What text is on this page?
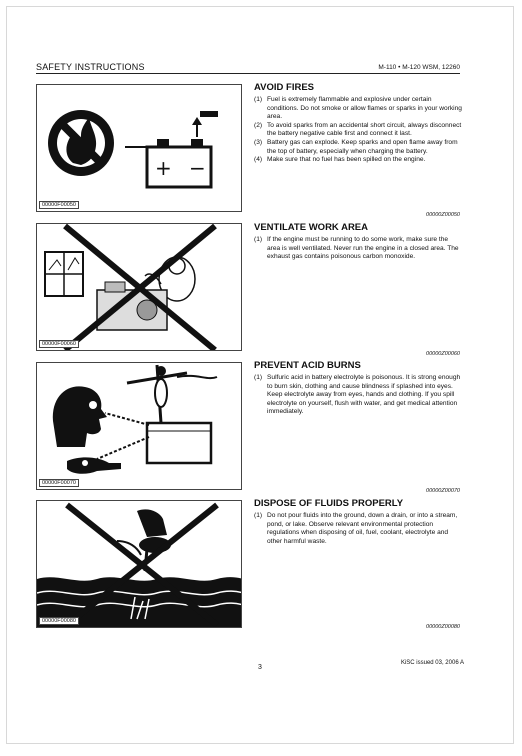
SAFETY INSTRUCTIONS	M-110 • M-120 WSM, 12260
+ −
00000F00050
00000F00060
00000F00070
00000F00080
AVOID FIRES

(1) Fuel is extremely flammable and explosive under certain conditions. Do not smoke or allow flames or sparks in your working area.

(2) To avoid sparks from an accidental short circuit, always disconnect the battery negative cable first and connect it last.

(3) Battery gas can explode. Keep sparks and open flame away from the top of battery, especially when charging the battery.

(4) Make sure that no fuel has been spilled on the engine.

00000Z00050
VENTILATE WORK AREA

(1) If the engine must be running to do some work, make sure the area is well ventilated. Never run the engine in a closed area. The exhaust gas contains poisonous carbon monoxide.

00000Z00060
PREVENT ACID BURNS

(1) Sulfuric acid in battery electrolyte is poisonous. It is strong enough to burn skin, clothing and cause blindness if splashed into eyes. Keep electrolyte away from eyes, hands and clothing. If you spill electrolyte on yourself, flush with water, and get medical attention immediately.

00000Z00070
DISPOSE OF FLUIDS PROPERLY

(1) Do not pour fluids into the ground, down a drain, or into a stream, pond, or lake. Observe relevant environmental protection regulations when disposing of oil, fuel, coolant, electrolyte and other harmful waste.

00000Z00080
3
KiSC issued 03, 2006 A
